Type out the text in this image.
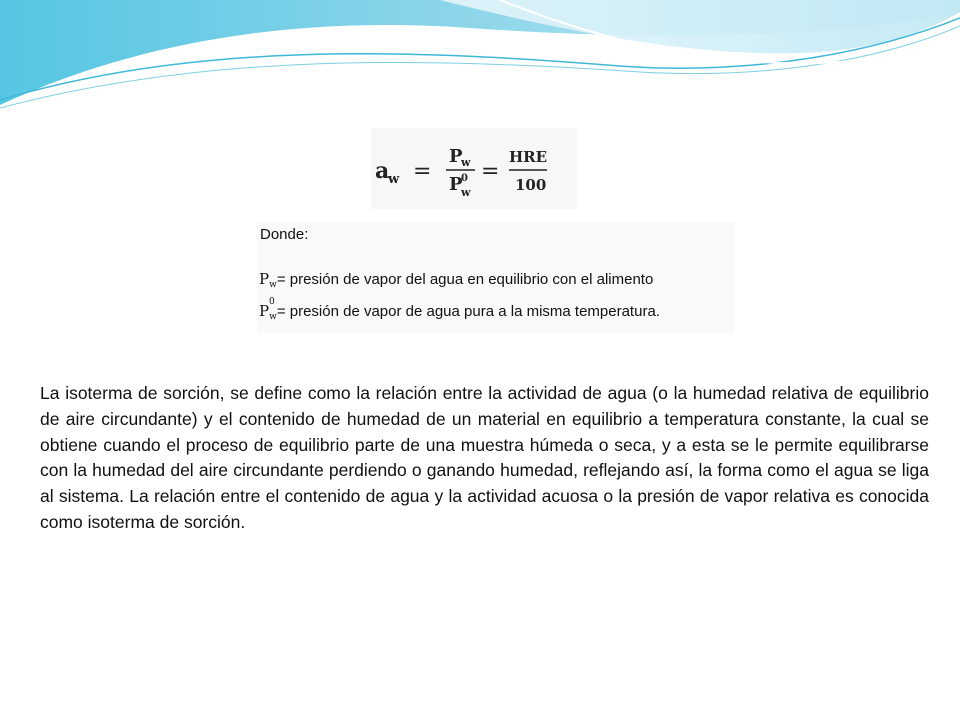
a
w =
P
w
P
0
w
=
HRE
100
Donde:
$P_w=$ presión de vapor del agua en equilibrio con el alimento
P 0
$_w$= presión de vapor de agua pura a la misma temperatura.
La isoterma de sorción, se define como la relación entre la actividad de agua (o la humedad relativa de equilibrio de aire circundante) y el contenido de humedad de un material en equilibrio a temperatura constante, la cual se obtiene cuando el proceso de equilibrio parte de una muestra húmeda o seca, y a esta se le permite equilibrarse con la humedad del aire circundante perdiendo o ganando humedad, reflejando así, la forma como el agua se liga al sistema. La relación entre el contenido de agua y la actividad acuosa o la presión de vapor relativa es conocida como isoterma de sorción.
